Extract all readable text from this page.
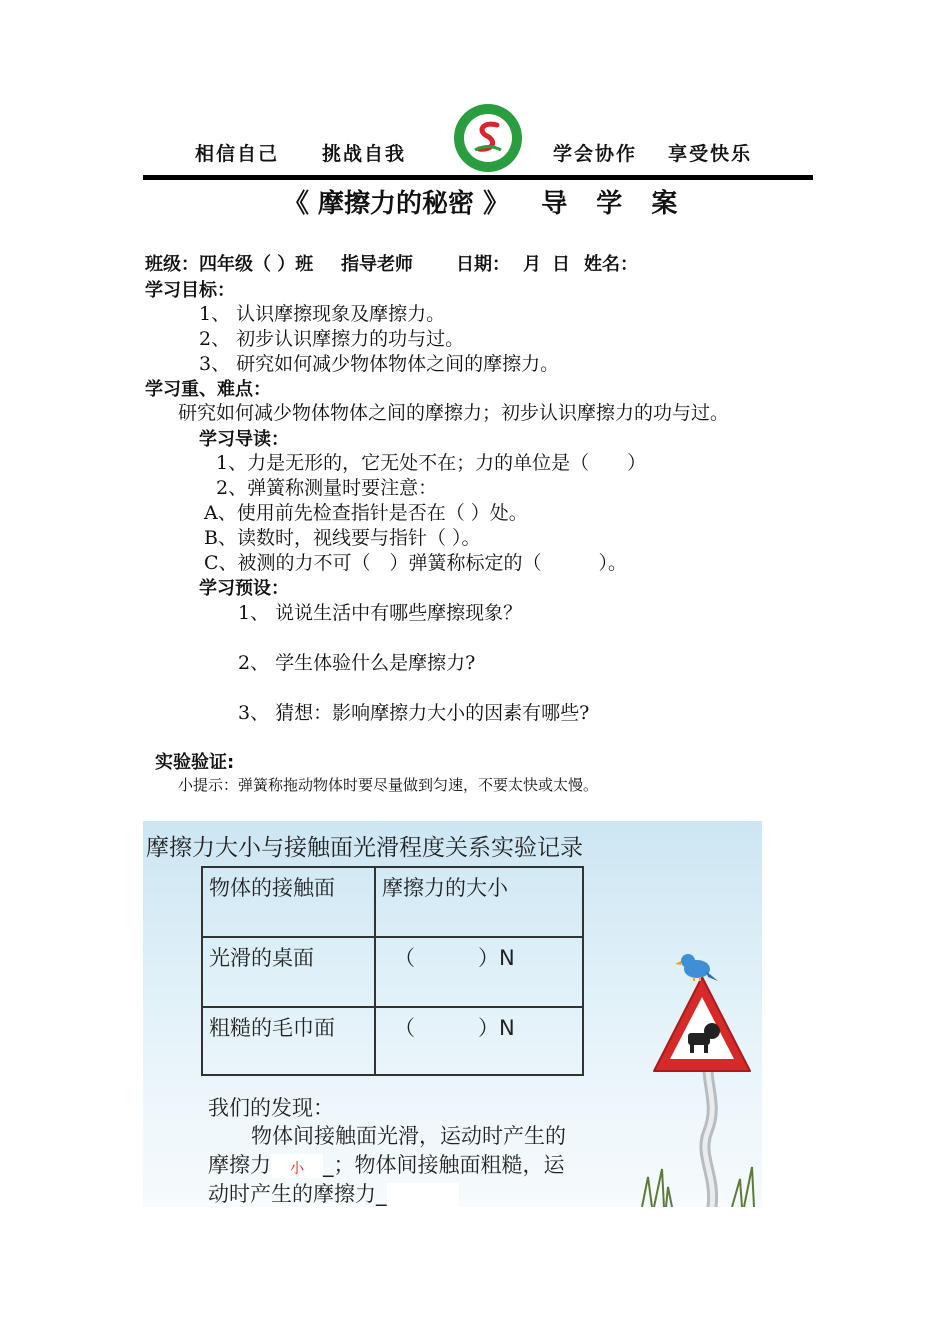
相信自己 挑战自我	学会协作 享受快乐
《 摩擦力的秘密 》 导 学 案
班级：四年级（ ）班 指导老师 日期： 月 日 姓名：
学习目标：
1、 认识摩擦现象及摩擦力。
2、 初步认识摩擦力的功与过。
3、 研究如何减少物体物体之间的摩擦力。
学习重、难点：
研究如何减少物体物体之间的摩擦力；初步认识摩擦力的功与过。
学习导读：
1、力是无形的，它无处不在；力的单位是（　　）
2、弹簧称测量时要注意：
A、使用前先检查指针是否在（ ）处。
B、读数时，视线要与指针（ ）。
C、被测的力不可（　）弹簧称标定的（　　　）。
学习预设：
1、 说说生活中有哪些摩擦现象？
2、 学生体验什么是摩擦力?
3、 猜想：影响摩擦力大小的因素有哪些?
实验验证:
小提示：弹簧称拖动物体时要尽量做到匀速，不要太快或太慢。
摩擦力大小与接触面光滑程度关系实验记录
物体的接触面	摩擦力的大小
光滑的桌面	（　　　）N
粗糙的毛巾面	（　　　）N
我们的发现：
物体间接触面光滑，运动时产生的
摩擦力 小 _；物体间接触面粗糙，运
动时产生的摩擦力_
